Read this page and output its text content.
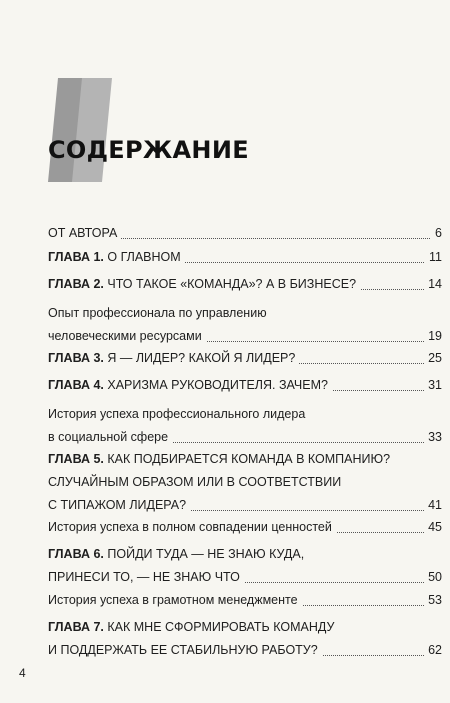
СОДЕРЖАНИЕ
ОТ АВТОРА	6
ГЛАВА 1. О ГЛАВНОМ	11
ГЛАВА 2. ЧТО ТАКОЕ «КОМАНДА»? А В БИЗНЕСЕ?	14
Опыт профессионала по управлению
человеческими ресурсами	19
ГЛАВА 3. Я — ЛИДЕР? КАКОЙ Я ЛИДЕР?	25
ГЛАВА 4. ХАРИЗМА РУКОВОДИТЕЛЯ. ЗАЧЕМ?	31
История успеха профессионального лидера
в социальной сфере	33
ГЛАВА 5. КАК ПОДБИРАЕТСЯ КОМАНДА В КОМПАНИЮ?
СЛУЧАЙНЫМ ОБРАЗОМ ИЛИ В СООТВЕТСТВИИ
С ТИПАЖОМ ЛИДЕРА?	41
История успеха в полном совпадении ценностей	45
ГЛАВА 6. ПОЙДИ ТУДА — НЕ ЗНАЮ КУДА,
ПРИНЕСИ ТО, — НЕ ЗНАЮ ЧТО	50
История успеха в грамотном менеджменте	53
ГЛАВА 7. КАК МНЕ СФОРМИРОВАТЬ КОМАНДУ
И ПОДДЕРЖАТЬ ЕЕ СТАБИЛЬНУЮ РАБОТУ?	62
4
